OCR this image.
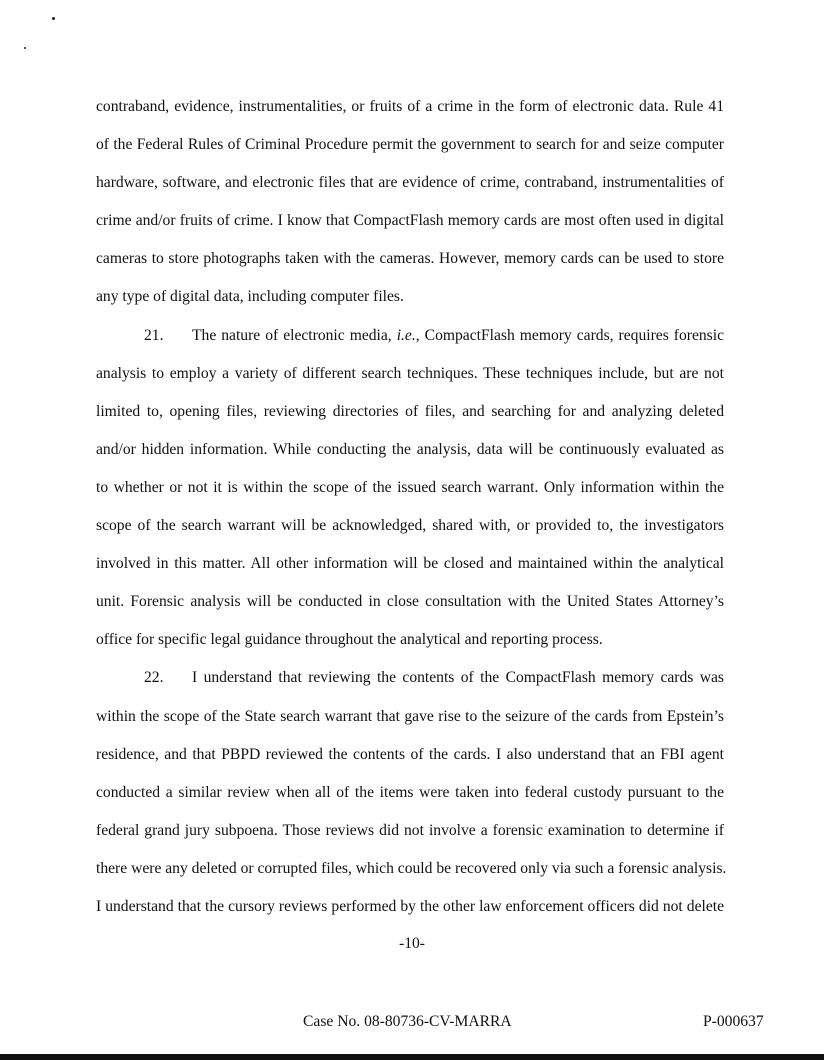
contraband, evidence, instrumentalities, or fruits of a crime in the form of electronic data. Rule 41
of the Federal Rules of Criminal Procedure permit the government to search for and seize computer
hardware, software, and electronic files that are evidence of crime, contraband, instrumentalities of
crime and/or fruits of crime. I know that CompactFlash memory cards are most often used in digital
cameras to store photographs taken with the cameras. However, memory cards can be used to store
any type of digital data, including computer files.
21. The nature of electronic media, i.e., CompactFlash memory cards, requires forensic
analysis to employ a variety of different search techniques. These techniques include, but are not
limited to, opening files, reviewing directories of files, and searching for and analyzing deleted
and/or hidden information. While conducting the analysis, data will be continuously evaluated as
to whether or not it is within the scope of the issued search warrant. Only information within the
scope of the search warrant will be acknowledged, shared with, or provided to, the investigators
involved in this matter. All other information will be closed and maintained within the analytical
unit. Forensic analysis will be conducted in close consultation with the United States Attorney’s
office for specific legal guidance throughout the analytical and reporting process.
22. I understand that reviewing the contents of the CompactFlash memory cards was
within the scope of the State search warrant that gave rise to the seizure of the cards from Epstein’s
residence, and that PBPD reviewed the contents of the cards. I also understand that an FBI agent
conducted a similar review when all of the items were taken into federal custody pursuant to the
federal grand jury subpoena. Those reviews did not involve a forensic examination to determine if
there were any deleted or corrupted files, which could be recovered only via such a forensic analysis.
I understand that the cursory reviews performed by the other law enforcement officers did not delete
-10-
Case No. 08-80736-CV-MARRA	P-000637
